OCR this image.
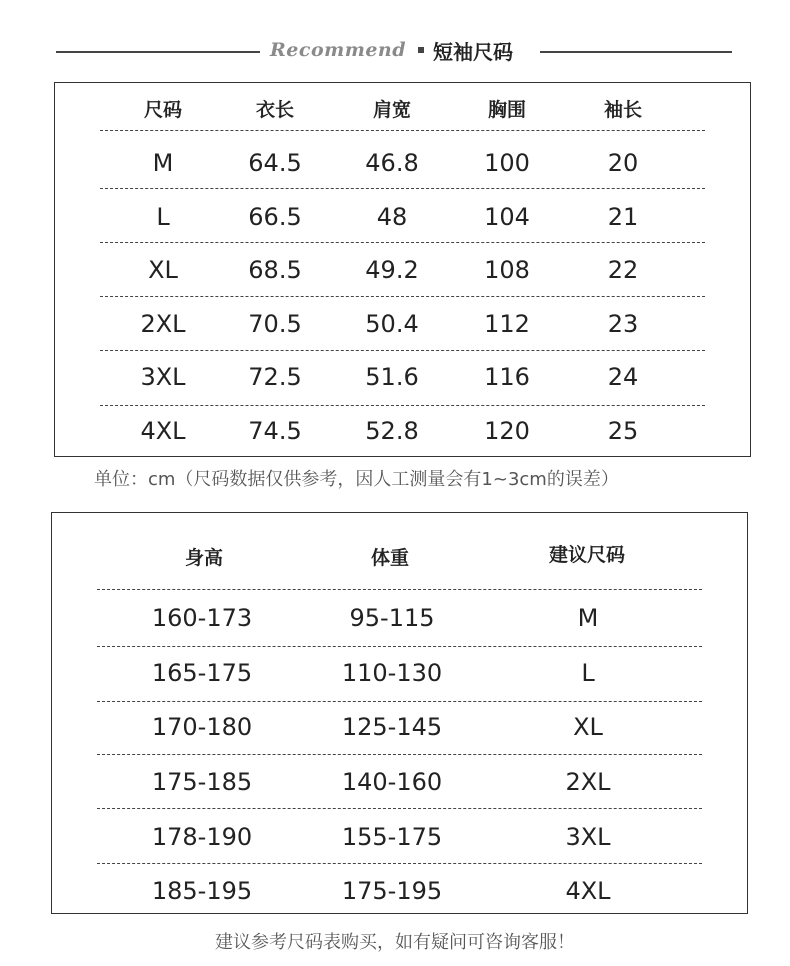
Recommend 短袖尺码
尺码	衣长	肩宽	胸围	袖长
M	64.5	46.8	100	20
L	66.5	48	104	21
XL	68.5	49.2	108	22
2XL	70.5	50.4	112	23
3XL	72.5	51.6	116	24
4XL	74.5	52.8	120	25
单位：cm（尺码数据仅供参考，因人工测量会有1~3cm的误差）
身高	体重	建议尺码
160-173	95-115	M
165-175	110-130	L
170-180	125-145	XL
175-185	140-160	2XL
178-190	155-175	3XL
185-195	175-195	4XL
建议参考尺码表购买，如有疑问可咨询客服！
